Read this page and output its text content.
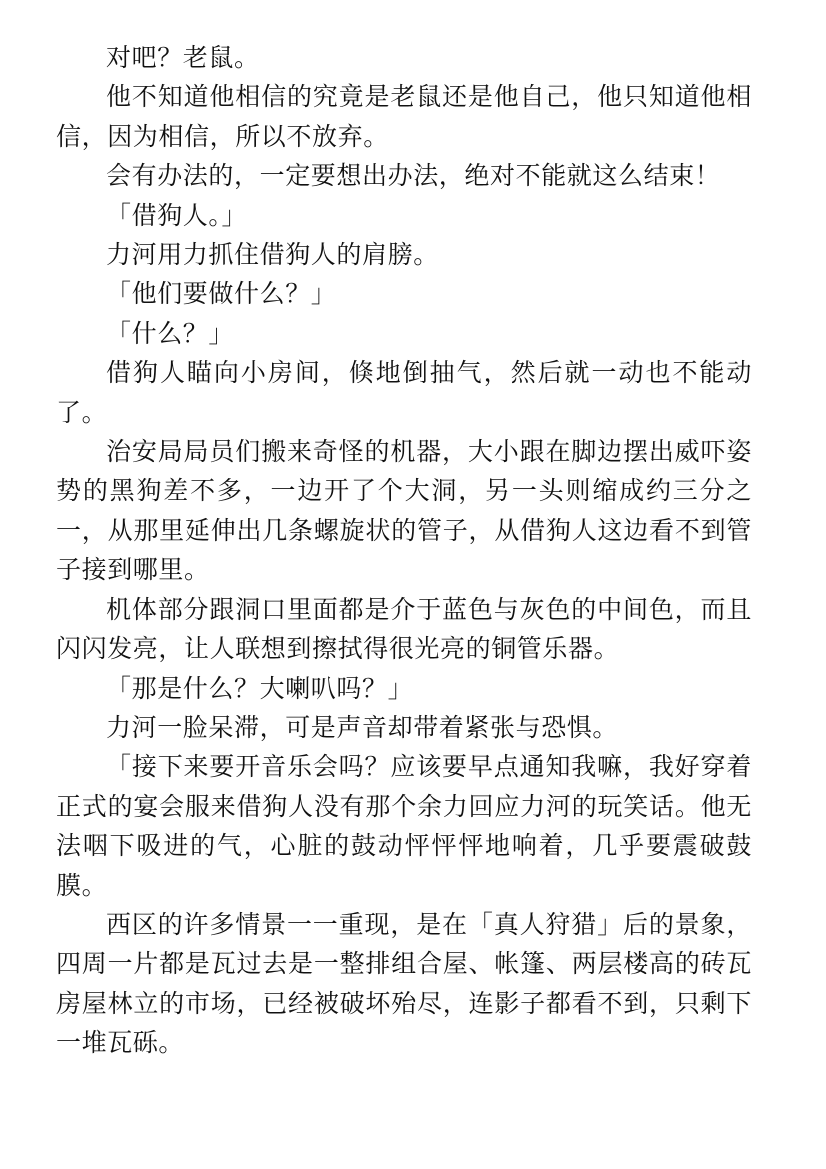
对吧？老鼠。

他不知道他相信的究竟是老鼠还是他自己，他只知道他相信，因为相信，所以不放弃。

会有办法的，一定要想出办法，绝对不能就这么结束！

「借狗人。」

力河用力抓住借狗人的肩膀。

「他们要做什么？」

「什么？」

借狗人瞄向小房间，倏地倒抽气，然后就一动也不能动了。

治安局局员们搬来奇怪的机器，大小跟在脚边摆出威吓姿势的黑狗差不多，一边开了个大洞，另一头则缩成约三分之一，从那里延伸出几条螺旋状的管子，从借狗人这边看不到管子接到哪里。

机体部分跟洞口里面都是介于蓝色与灰色的中间色，而且闪闪发亮，让人联想到擦拭得很光亮的铜管乐器。

「那是什么？大喇叭吗？」

力河一脸呆滞，可是声音却带着紧张与恐惧。

「接下来要开音乐会吗？应该要早点通知我嘛，我好穿着正式的宴会服来借狗人没有那个余力回应力河的玩笑话。他无法咽下吸进的气，心脏的鼓动怦怦怦地响着，几乎要震破鼓膜。

西区的许多情景一一重现，是在「真人狩猎」后的景象，四周一片都是瓦过去是一整排组合屋、帐篷、两层楼高的砖瓦房屋林立的市场，已经被破坏殆尽，连影子都看不到，只剩下一堆瓦砾。
